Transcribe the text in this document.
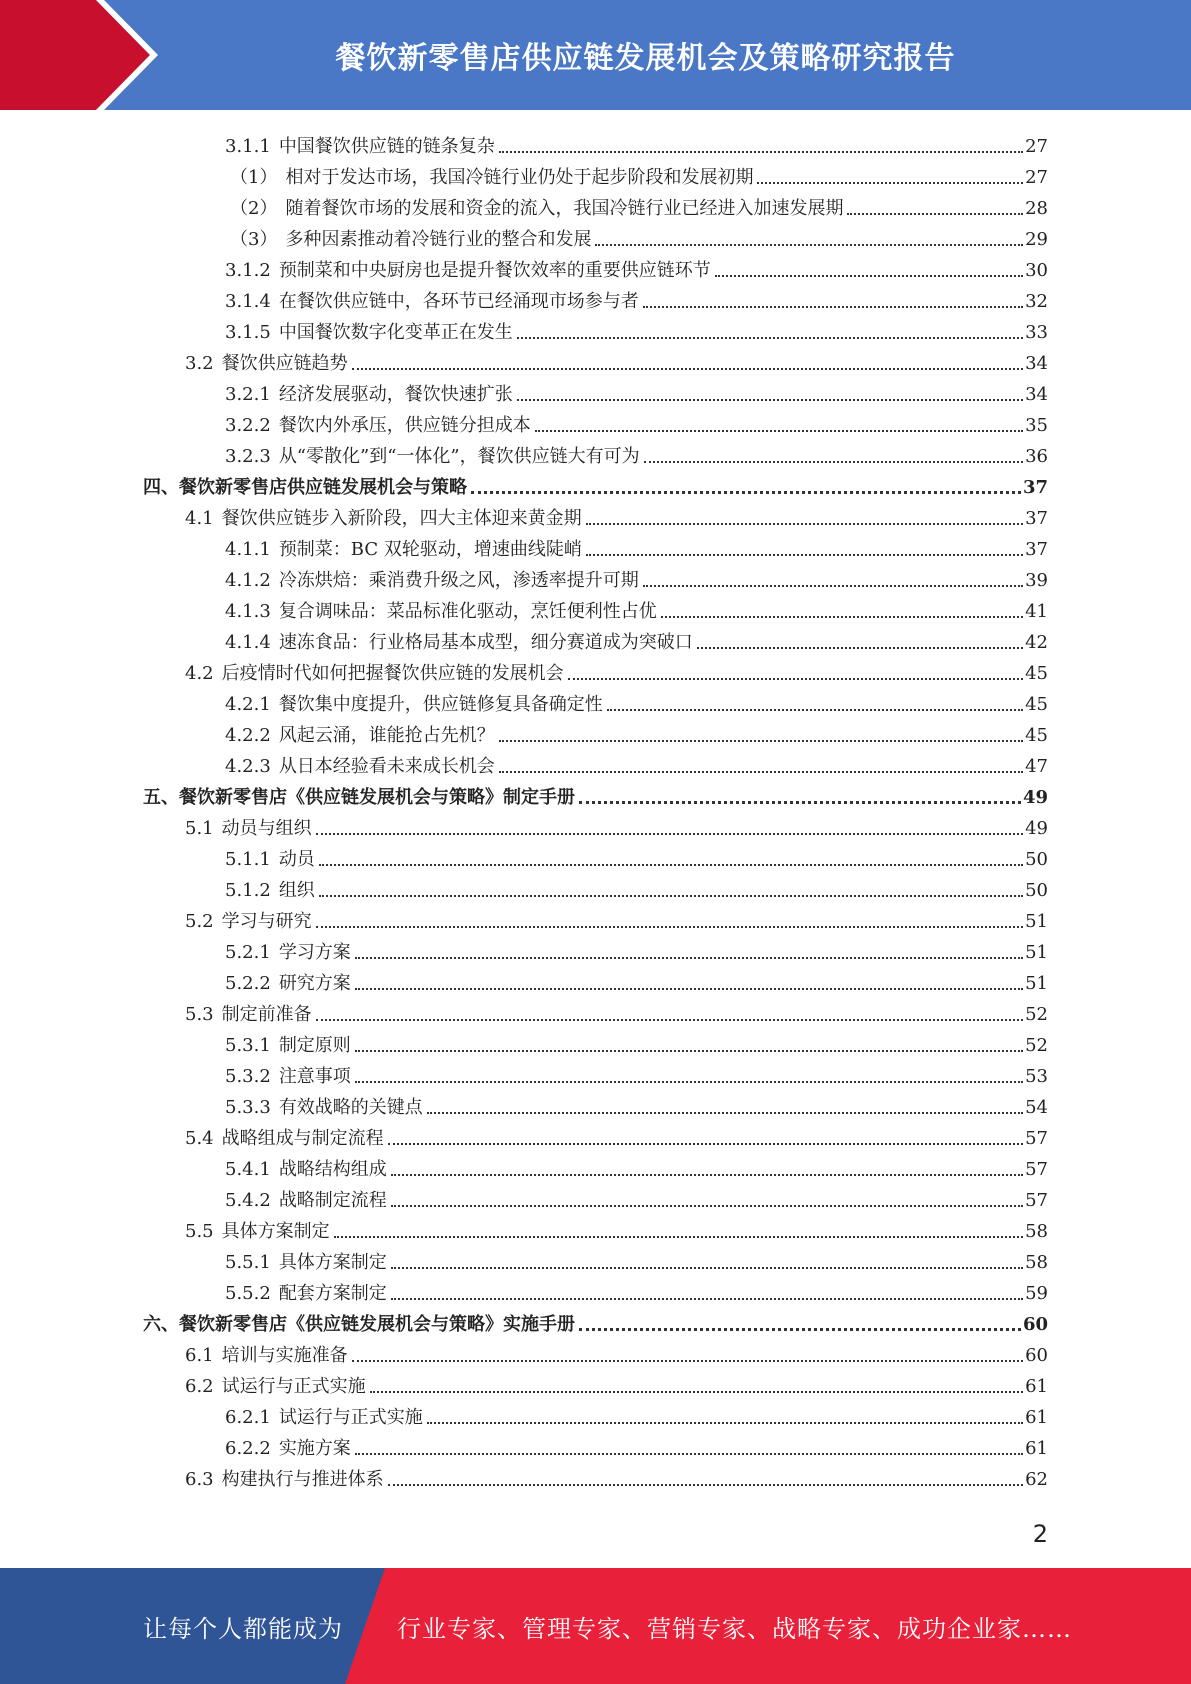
餐饮新零售店供应链发展机会及策略研究报告
3.1.1 中国餐饮供应链的链条复杂	27
（1） 相对于发达市场，我国冷链行业仍处于起步阶段和发展初期	27
（2） 随着餐饮市场的发展和资金的流入，我国冷链行业已经进入加速发展期	28
（3） 多种因素推动着冷链行业的整合和发展	29
3.1.2 预制菜和中央厨房也是提升餐饮效率的重要供应链环节	30
3.1.4 在餐饮供应链中，各环节已经涌现市场参与者	32
3.1.5 中国餐饮数字化变革正在发生	33
3.2 餐饮供应链趋势	34
3.2.1 经济发展驱动，餐饮快速扩张	34
3.2.2 餐饮内外承压，供应链分担成本	35
3.2.3 从“零散化”到“一体化”，餐饮供应链大有可为	36
四、 餐饮新零售店供应链发展机会与策略	37
4.1 餐饮供应链步入新阶段，四大主体迎来黄金期	37
4.1.1 预制菜：BC 双轮驱动，增速曲线陡峭	37
4.1.2 冷冻烘焙：乘消费升级之风，渗透率提升可期	39
4.1.3 复合调味品：菜品标准化驱动，烹饪便利性占优	41
4.1.4 速冻食品：行业格局基本成型，细分赛道成为突破口	42
4.2 后疫情时代如何把握餐饮供应链的发展机会	45
4.2.1 餐饮集中度提升，供应链修复具备确定性	45
4.2.2 风起云涌，谁能抢占先机？	45
4.2.3 从日本经验看未来成长机会	47
五、 餐饮新零售店《供应链发展机会与策略》制定手册	49
5.1 动员与组织	49
5.1.1 动员	50
5.1.2 组织	50
5.2 学习与研究	51
5.2.1 学习方案	51
5.2.2 研究方案	51
5.3 制定前准备	52
5.3.1 制定原则	52
5.3.2 注意事项	53
5.3.3 有效战略的关键点	54
5.4 战略组成与制定流程	57
5.4.1 战略结构组成	57
5.4.2 战略制定流程	57
5.5 具体方案制定	58
5.5.1 具体方案制定	58
5.5.2 配套方案制定	59
六、 餐饮新零售店《供应链发展机会与策略》实施手册	60
6.1 培训与实施准备	60
6.2 试运行与正式实施	61
6.2.1 试运行与正式实施	61
6.2.2 实施方案	61
6.3 构建执行与推进体系	62
2
让每个人都能成为 行业专家、管理专家、营销专家、战略专家、成功企业家……
